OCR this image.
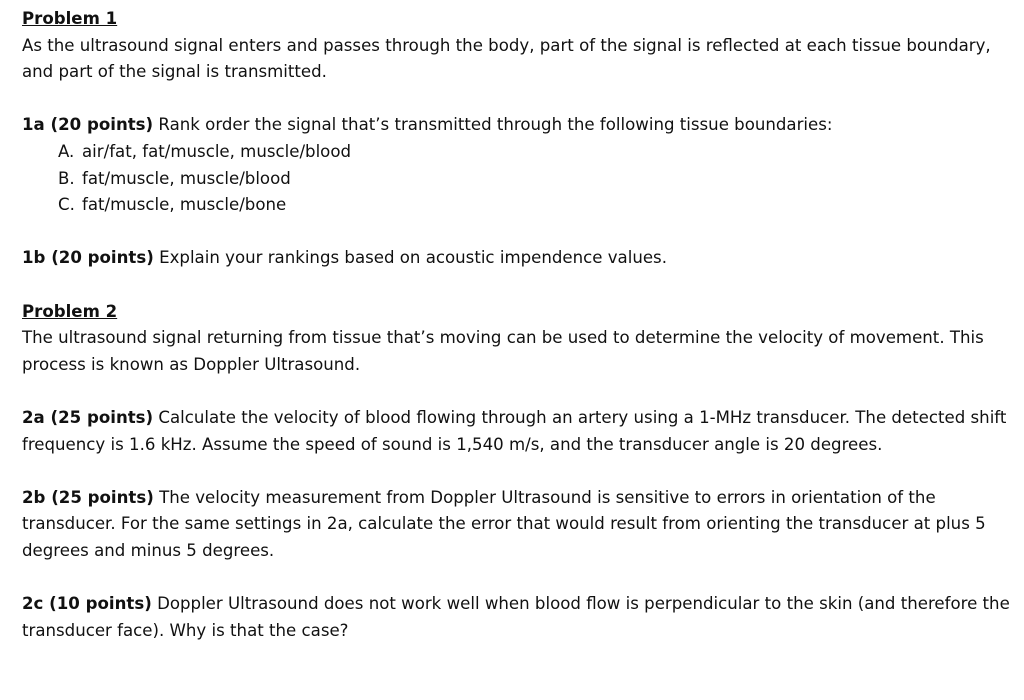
Problem 1

As the ultrasound signal enters and passes through the body, part of the signal is reflected at each tissue boundary, and part of the signal is transmitted.

1a (20 points) Rank order the signal that’s transmitted through the following tissue boundaries:

A. air/fat, fat/muscle, muscle/blood
B. fat/muscle, muscle/blood
C. fat/muscle, muscle/bone

1b (20 points) Explain your rankings based on acoustic impendence values.

Problem 2

The ultrasound signal returning from tissue that’s moving can be used to determine the velocity of movement. This process is known as Doppler Ultrasound.

2a (25 points) Calculate the velocity of blood flowing through an artery using a 1-MHz transducer. The detected shift frequency is 1.6 kHz. Assume the speed of sound is 1,540 m/s, and the transducer angle is 20 degrees.

2b (25 points) The velocity measurement from Doppler Ultrasound is sensitive to errors in orientation of the transducer. For the same settings in 2a, calculate the error that would result from orienting the transducer at plus 5 degrees and minus 5 degrees.

2c (10 points) Doppler Ultrasound does not work well when blood flow is perpendicular to the skin (and therefore the transducer face). Why is that the case?
